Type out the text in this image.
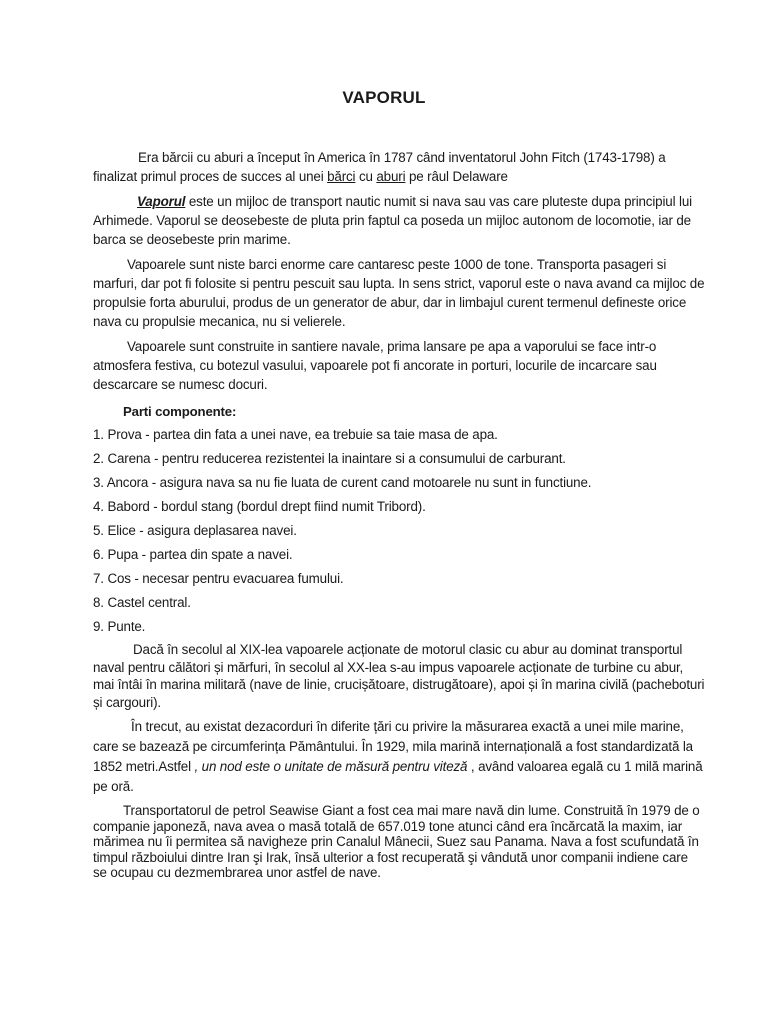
VAPORUL

Era bărcii cu aburi a început în America în 1787 când inventatorul John Fitch (1743-1798) a finalizat primul proces de succes al unei bărci cu aburi pe râul Delaware

Vaporul este un mijloc de transport nautic numit si nava sau vas care pluteste dupa principiul lui Arhimede. Vaporul se deosebeste de pluta prin faptul ca poseda un mijloc autonom de locomotie, iar de barca se deosebeste prin marime.

Vapoarele sunt niste barci enorme care cantaresc peste 1000 de tone. Transporta pasageri si marfuri, dar pot fi folosite si pentru pescuit sau lupta. In sens strict, vaporul este o nava avand ca mijloc de propulsie forta aburului, produs de un generator de abur, dar in limbajul curent termenul defineste orice nava cu propulsie mecanica, nu si velierele.

Vapoarele sunt construite in santiere navale, prima lansare pe apa a vaporului se face intr-o atmosfera festiva, cu botezul vasului, vapoarele pot fi ancorate in porturi, locurile de incarcare sau descarcare se numesc docuri.

Parti componente:

1. Prova - partea din fata a unei nave, ea trebuie sa taie masa de apa.

2. Carena - pentru reducerea rezistentei la inaintare si a consumului de carburant.

3. Ancora - asigura nava sa nu fie luata de curent cand motoarele nu sunt in functiune.

4. Babord - bordul stang (bordul drept fiind numit Tribord).

5. Elice - asigura deplasarea navei.

6. Pupa - partea din spate a navei.

7. Cos - necesar pentru evacuarea fumului.

8. Castel central.

9. Punte.

Dacă în secolul al XIX-lea vapoarele acționate de motorul clasic cu abur au dominat transportul naval pentru călători și mărfuri, în secolul al XX-lea s-au impus vapoarele acționate de turbine cu abur, mai întâi în marina militară (nave de linie, crucișătoare, distrugătoare), apoi și în marina civilă (pacheboturi și cargouri).

În trecut, au existat dezacorduri în diferite țări cu privire la măsurarea exactă a unei mile marine, care se bazează pe circumferința Pământului. În 1929, mila marină internațională a fost standardizată la 1852 metri.Astfel , un nod este o unitate de măsură pentru viteză , având valoarea egală cu 1 milă marină pe oră.

Transportatorul de petrol Seawise Giant a fost cea mai mare navă din lume. Construită în 1979 de o companie japoneză, nava avea o masă totală de 657.019 tone atunci când era încărcată la maxim, iar mărimea nu îi permitea să navigheze prin Canalul Mânecii, Suez sau Panama. Nava a fost scufundată în timpul războiului dintre Iran şi Irak, însă ulterior a fost recuperată şi vândută unor companii indiene care se ocupau cu dezmembrarea unor astfel de nave.
